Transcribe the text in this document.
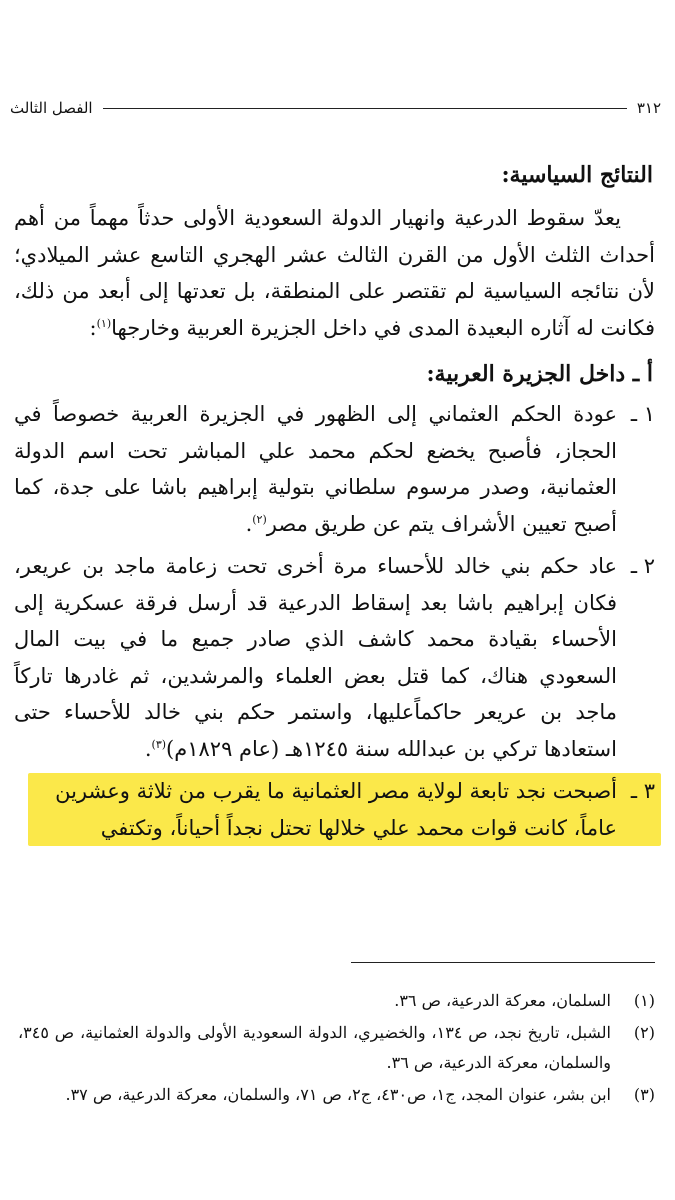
٣١٢
الفصل الثالث
النتائج السياسية:

يعدّ سقوط الدرعية وانهيار الدولة السعودية الأولى حدثاً مهماً من أهم أحداث الثلث الأول من القرن الثالث عشر الهجري التاسع عشر الميلادي؛ لأن نتائجه السياسية لم تقتصر على المنطقة، بل تعدتها إلى أبعد من ذلك، فكانت له آثاره البعيدة المدى في داخل الجزيرة العربية وخارجها$^{(١)}$:

أ ـ داخل الجزيرة العربية:
١ ـ
عودة الحكم العثماني إلى الظهور في الجزيرة العربية خصوصاً في الحجاز، فأصبح يخضع لحكم محمد علي المباشر تحت اسم الدولة العثمانية، وصدر مرسوم سلطاني بتولية إبراهيم باشا على جدة، كما أصبح تعيين الأشراف يتم عن طريق مصر$^{(٢)}$.
٢ ـ
عاد حكم بني خالد للأحساء مرة أخرى تحت زعامة ماجد بن عريعر، فكان إبراهيم باشا بعد إسقاط الدرعية قد أرسل فرقة عسكرية إلى الأحساء بقيادة محمد كاشف الذي صادر جميع ما في بيت المال السعودي هناك، كما قتل بعض العلماء والمرشدين، ثم غادرها تاركاً ماجد بن عريعر حاكماًعليها، واستمر حكم بني خالد للأحساء حتى استعادها تركي بن عبدالله سنة ١٢٤٥هـ (عام ١٨٢٩م)$^{(٣)}$.
٣ ـ
أصبحت نجد تابعة لولاية مصر العثمانية ما يقرب من ثلاثة وعشرين
عاماً، كانت قوات محمد علي خلالها تحتل نجداً أحياناً، وتكتفي
(١)
السلمان، معركة الدرعية، ص ٣٦.
(٢)
الشبل، تاريخ نجد، ص ١٣٤، والخضيري، الدولة السعودية الأولى والدولة العثمانية، ص ٣٤٥، والسلمان، معركة الدرعية، ص ٣٦.
(٣)
ابن بشر، عنوان المجد، ج١، ص٤٣٠، ج٢، ص ٧١، والسلمان، معركة الدرعية، ص ٣٧.
